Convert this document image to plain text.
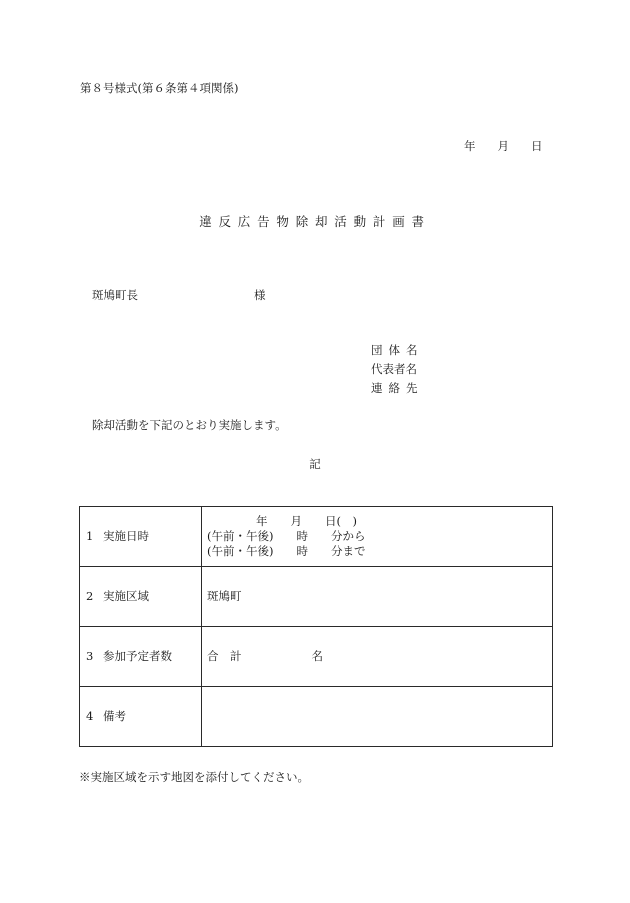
第８号様式(第６条第４項関係)
年 月 日
違反広告物除却活動計画書
斑鳩町長	様
団体名
代表者名
連絡先
除却活動を下記のとおり実施します。
記
1 実施日時	年　　月　　日(　)
(午前・午後)　　時　　分から
(午前・午後)　　時　　分まで

2 実施区域	斑鳩町
3 参加予定者数	合　計 名
4 備考	
※実施区域を示す地図を添付してください。
